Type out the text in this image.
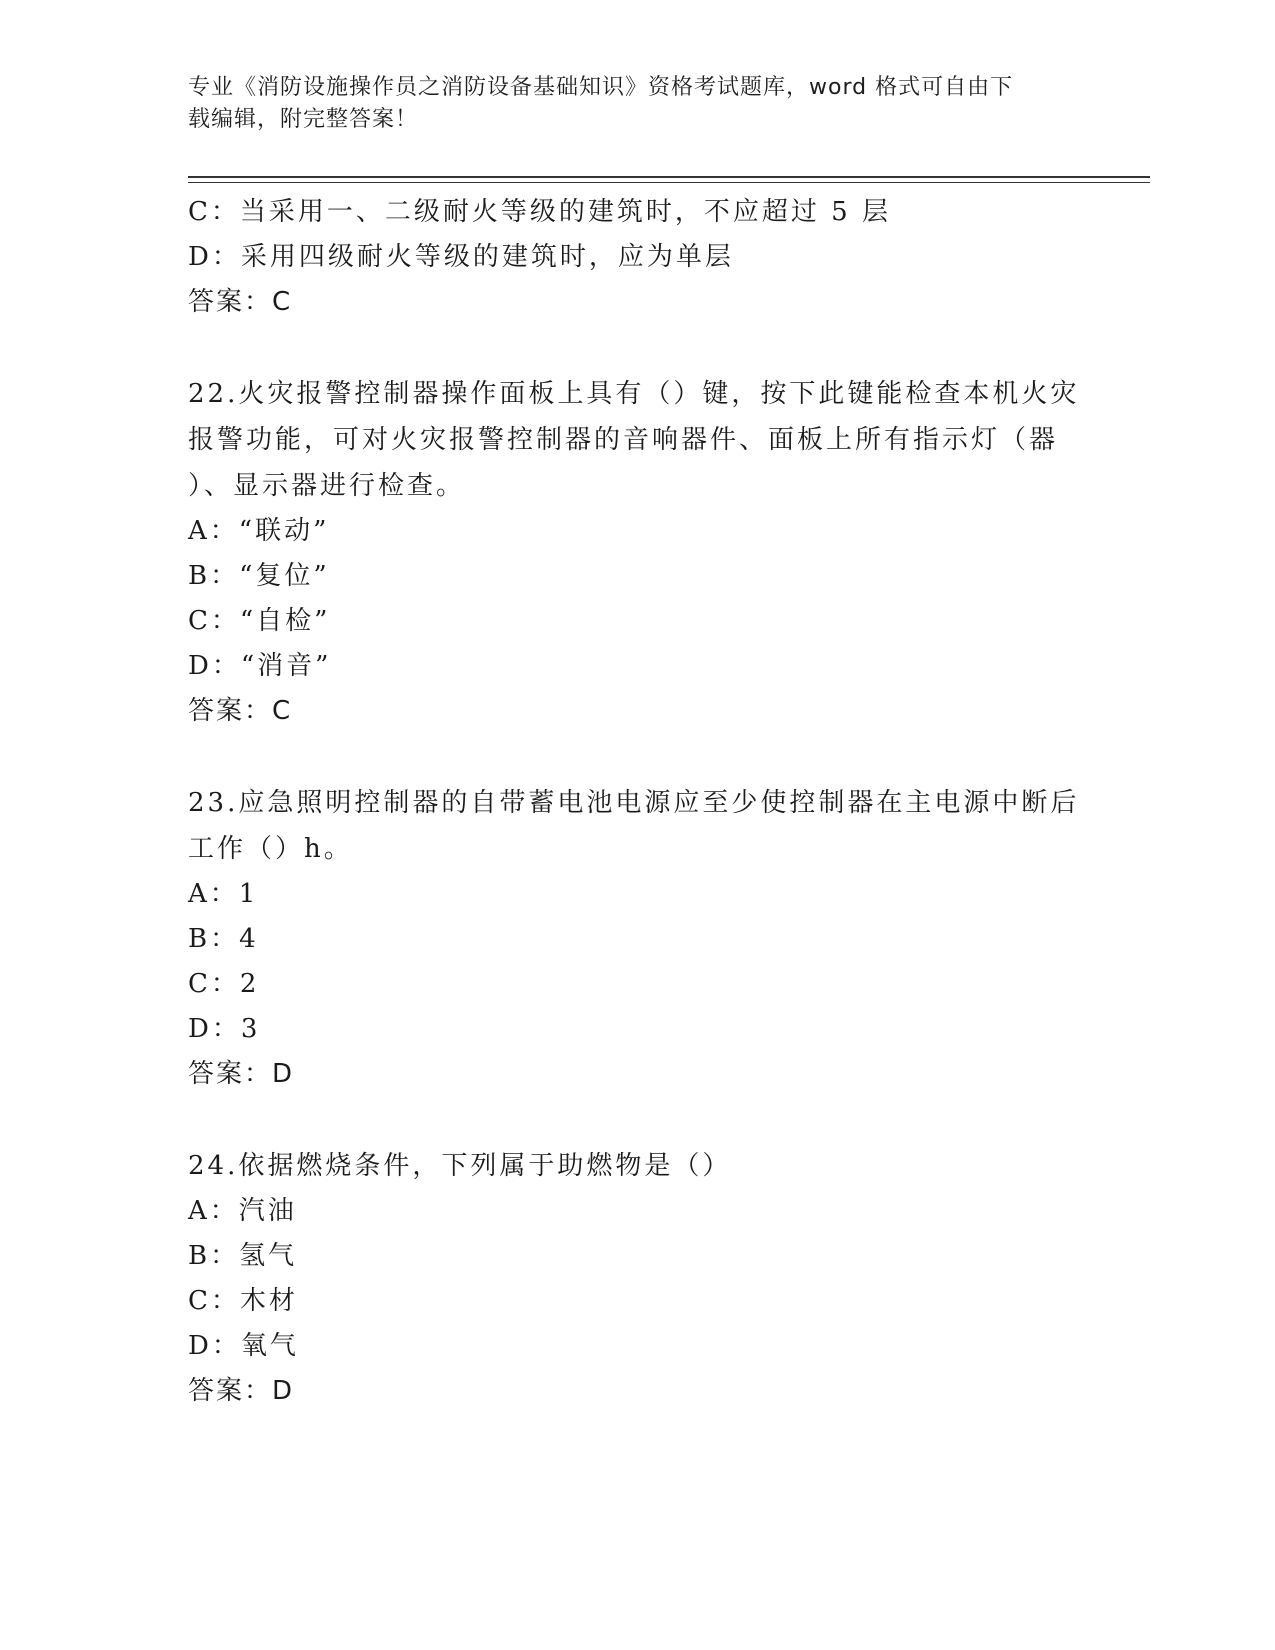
专业《消防设施操作员之消防设备基础知识》资格考试题库，word 格式可自由下
载编辑，附完整答案！
C：当采用一、二级耐火等级的建筑时，不应超过 5 层
D：采用四级耐火等级的建筑时，应为单层
答案：C
22.火灾报警控制器操作面板上具有（）键，按下此键能检查本机火灾
报警功能，可对火灾报警控制器的音响器件、面板上所有指示灯（器
）、显示器进行检查。
A：“联动”
B：“复位”
C：“自检”
D：“消音”
答案：C
23.应急照明控制器的自带蓄电池电源应至少使控制器在主电源中断后
工作（）h。
A：1
B：4
C：2
D：3
答案：D
24.依据燃烧条件，下列属于助燃物是（）
A：汽油
B：氢气
C：木材
D：氧气
答案：D
